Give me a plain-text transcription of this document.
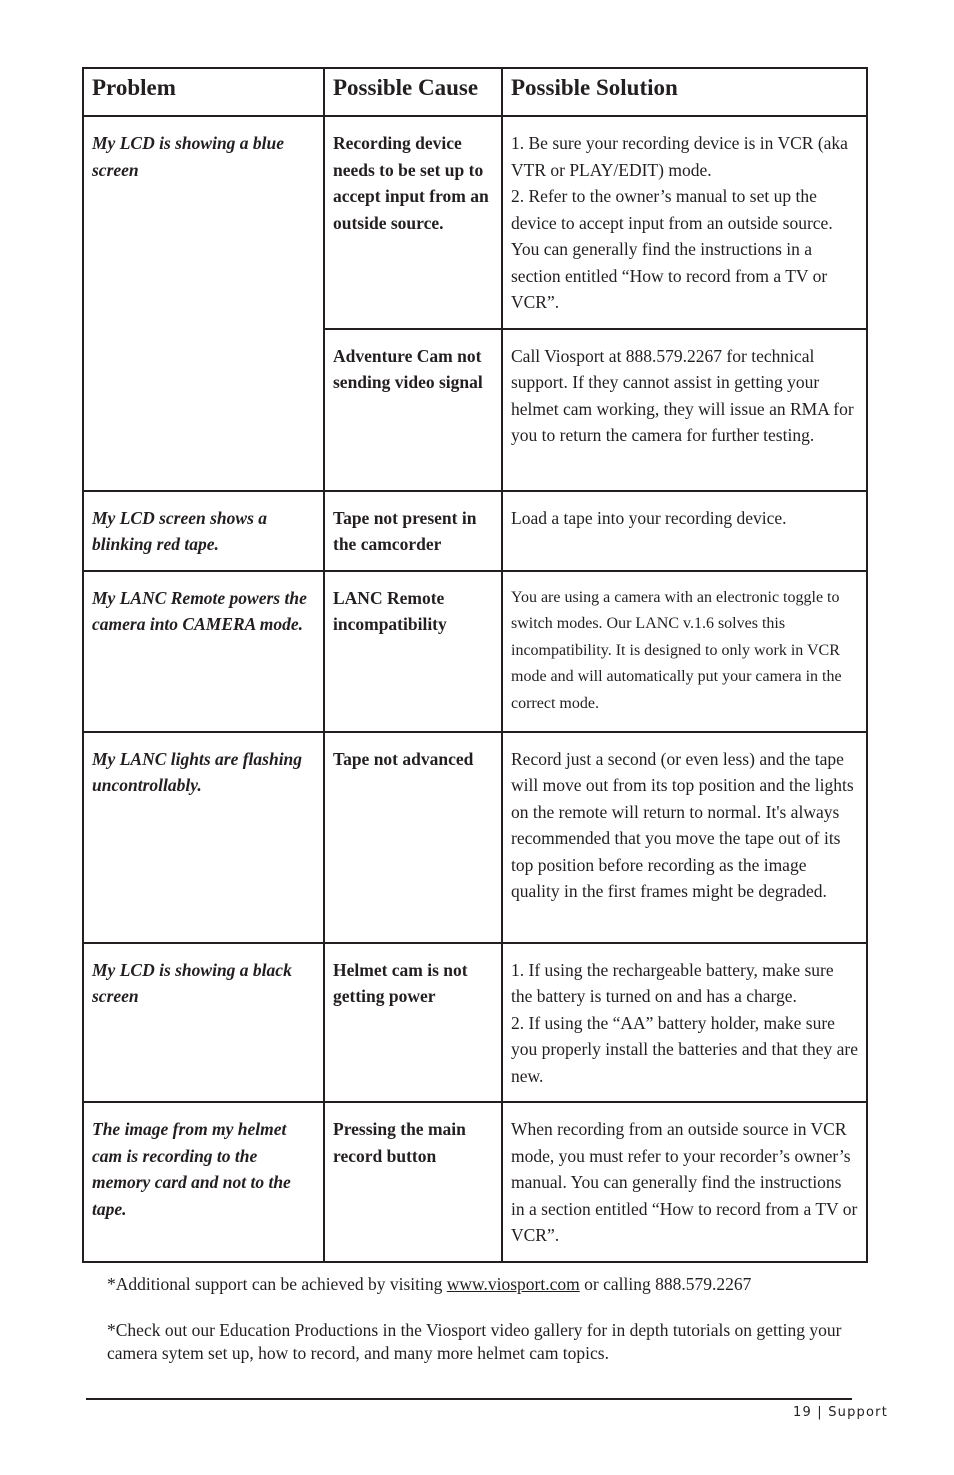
Problem	Possible Cause	Possible Solution
My LCD is showing a blue screen	Recording device needs to be set up to accept input from an outside source.	1. Be sure your recording device is in VCR (aka VTR or PLAY/EDIT) mode.
2. Refer to the owner’s manual to set up the device to accept input from an outside source. You can generally find the instructions in a section entitled “How to record from a TV or VCR”.

	Adventure Cam not sending video signal	Call Viosport at 888.579.2267 for technical support. If they cannot assist in getting your helmet cam working, they will issue an RMA for you to return the camera for further testing.

My LCD screen shows a blinking red tape.	Tape not present in the camcorder	Load a tape into your recording device.

My LANC Remote powers the camera into CAMERA mode.	LANC Remote incompatibility	You are using a camera with an electronic toggle to switch modes. Our LANC v.1.6 solves this incompatibility. It is designed to only work in VCR mode and will automatically put your camera in the correct mode.

My LANC lights are flashing uncontrollably.	Tape not advanced	Record just a second (or even less) and the tape will move out from its top position and the lights on the remote will return to normal. It's always recommended that you move the tape out of its top position before recording as the image quality in the first frames might be degraded.

My LCD is showing a black screen	Helmet cam is not getting power	1. If using the rechargeable battery, make sure the battery is turned on and has a charge.
2. If using the “AA” battery holder, make sure you properly install the batteries and that they are new.

The image from my helmet cam is recording to the memory card and not to the tape.	Pressing the main record button	When recording from an outside source in VCR mode, you must refer to your recorder’s owner’s manual. You can generally find the instructions in a section entitled “How to record from a TV or VCR”.
*Additional support can be achieved by visiting www.viosport.com or calling 888.579.2267
*Check out our Education Productions in the Viosport video gallery for in depth tutorials on getting your camera sytem set up, how to record, and many more helmet cam topics.
19 | Support
